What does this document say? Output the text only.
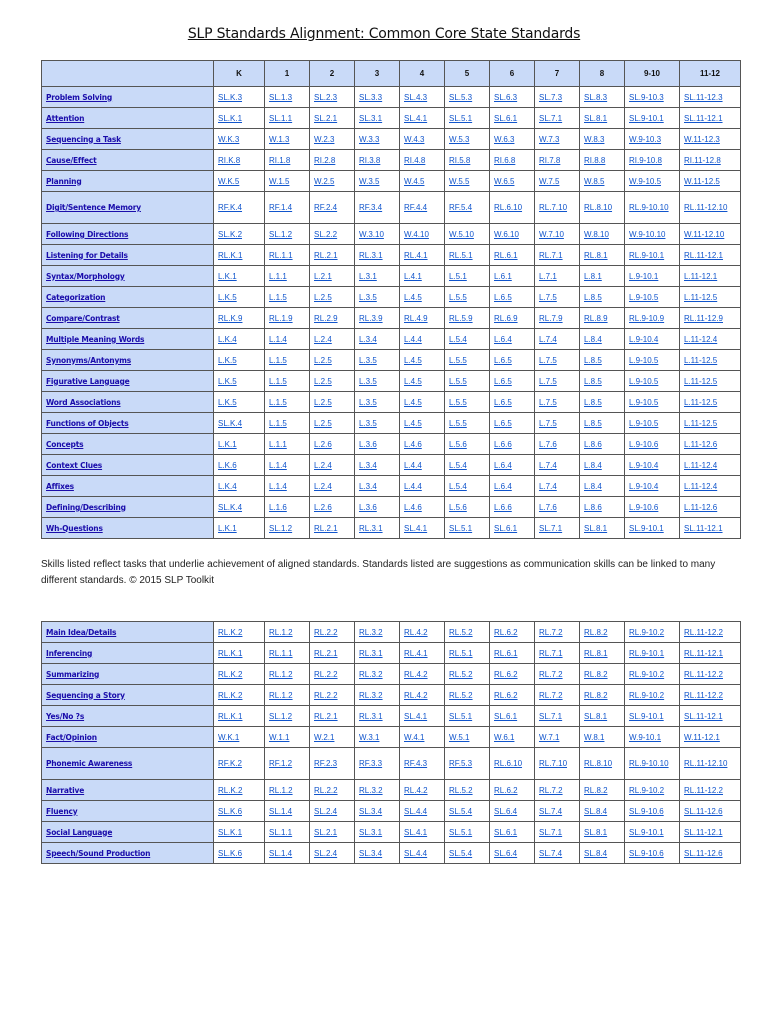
SLP Standards Alignment: Common Core State Standards
	K	1	2	3	4	5	6	7	8	9-10	11-12
Problem Solving	SL.K.3	SL.1.3	SL.2.3	SL.3.3	SL.4.3	SL.5.3	SL.6.3	SL.7.3	SL.8.3	SL.9-10.3	SL.11-12.3
Attention	SL.K.1	SL.1.1	SL.2.1	SL.3.1	SL.4.1	SL.5.1	SL.6.1	SL.7.1	SL.8.1	SL.9-10.1	SL.11-12.1
Sequencing a Task	W.K.3	W.1.3	W.2.3	W.3.3	W.4.3	W.5.3	W.6.3	W.7.3	W.8.3	W.9-10.3	W.11-12.3
Cause/Effect	RI.K.8	RI.1.8	RI.2.8	RI.3.8	RI.4.8	RI.5.8	RI.6.8	RI.7.8	RI.8.8	RI.9-10.8	RI.11-12.8
Planning	W.K.5	W.1.5	W.2.5	W.3.5	W.4.5	W.5.5	W.6.5	W.7.5	W.8.5	W.9-10.5	W.11-12.5
Digit/Sentence Memory	RF.K.4	RF.1.4	RF.2.4	RF.3.4	RF.4.4	RF.5.4	RL.6.10	RL.7.10	RL.8.10	RL.9-10.10	RL.11-12.10
Following Directions	SL.K.2	SL.1.2	SL.2.2	W.3.10	W.4.10	W.5.10	W.6.10	W.7.10	W.8.10	W.9-10.10	W.11-12.10
Listening for Details	RL.K.1	RL.1.1	RL.2.1	RL.3.1	RL.4.1	RL.5.1	RL.6.1	RL.7.1	RL.8.1	RL.9-10.1	RL.11-12.1
Syntax/Morphology	L.K.1	L.1.1	L.2.1	L.3.1	L.4.1	L.5.1	L.6.1	L.7.1	L.8.1	L.9-10.1	L.11-12.1
Categorization	L.K.5	L.1.5	L.2.5	L.3.5	L.4.5	L.5.5	L.6.5	L.7.5	L.8.5	L.9-10.5	L.11-12.5
Compare/Contrast	RL.K.9	RL.1.9	RL.2.9	RL.3.9	RL.4.9	RL.5.9	RL.6.9	RL.7.9	RL.8.9	RL.9-10.9	RL.11-12.9
Multiple Meaning Words	L.K.4	L.1.4	L.2.4	L.3.4	L.4.4	L.5.4	L.6.4	L.7.4	L.8.4	L.9-10.4	L.11-12.4
Synonyms/Antonyms	L.K.5	L.1.5	L.2.5	L.3.5	L.4.5	L.5.5	L.6.5	L.7.5	L.8.5	L.9-10.5	L.11-12.5
Figurative Language	L.K.5	L.1.5	L.2.5	L.3.5	L.4.5	L.5.5	L.6.5	L.7.5	L.8.5	L.9-10.5	L.11-12.5
Word Associations	L.K.5	L.1.5	L.2.5	L.3.5	L.4.5	L.5.5	L.6.5	L.7.5	L.8.5	L.9-10.5	L.11-12.5
Functions of Objects	SL.K.4	L.1.5	L.2.5	L.3.5	L.4.5	L.5.5	L.6.5	L.7.5	L.8.5	L.9-10.5	L.11-12.5
Concepts	L.K.1	L.1.1	L.2.6	L.3.6	L.4.6	L.5.6	L.6.6	L.7.6	L.8.6	L.9-10.6	L.11-12.6
Context Clues	L.K.6	L.1.4	L.2.4	L.3.4	L.4.4	L.5.4	L.6.4	L.7.4	L.8.4	L.9-10.4	L.11-12.4
Affixes	L.K.4	L.1.4	L.2.4	L.3.4	L.4.4	L.5.4	L.6.4	L.7.4	L.8.4	L.9-10.4	L.11-12.4
Defining/Describing	SL.K.4	L.1.6	L.2.6	L.3.6	L.4.6	L.5.6	L.6.6	L.7.6	L.8.6	L.9-10.6	L.11-12.6
Wh-Questions	L.K.1	SL.1.2	RL.2.1	RL.3.1	SL.4.1	SL.5.1	SL.6.1	SL.7.1	SL.8.1	SL.9-10.1	SL.11-12.1
Skills listed reflect tasks that underlie achievement of aligned standards. Standards listed are suggestions as communication skills can be linked to many different standards. © 2015 SLP Toolkit
Main Idea/Details	RL.K.2	RL.1.2	RL.2.2	RL.3.2	RL.4.2	RL.5.2	RL.6.2	RL.7.2	RL.8.2	RL.9-10.2	RL.11-12.2
Inferencing	RL.K.1	RL.1.1	RL.2.1	RL.3.1	RL.4.1	RL.5.1	RL.6.1	RL.7.1	RL.8.1	RL.9-10.1	RL.11-12.1
Summarizing	RL.K.2	RL.1.2	RL.2.2	RL.3.2	RL.4.2	RL.5.2	RL.6.2	RL.7.2	RL.8.2	RL.9-10.2	RL.11-12.2
Sequencing a Story	RL.K.2	RL.1.2	RL.2.2	RL.3.2	RL.4.2	RL.5.2	RL.6.2	RL.7.2	RL.8.2	RL.9-10.2	RL.11-12.2
Yes/No ?s	RL.K.1	SL.1.2	RL.2.1	RL.3.1	SL.4.1	SL.5.1	SL.6.1	SL.7.1	SL.8.1	SL.9-10.1	SL.11-12.1
Fact/Opinion	W.K.1	W.1.1	W.2.1	W.3.1	W.4.1	W.5.1	W.6.1	W.7.1	W.8.1	W.9-10.1	W.11-12.1
Phonemic Awareness	RF.K.2	RF.1.2	RF.2.3	RF.3.3	RF.4.3	RF.5.3	RL.6.10	RL.7.10	RL.8.10	RL.9-10.10	RL.11-12.10
Narrative	RL.K.2	RL.1.2	RL.2.2	RL.3.2	RL.4.2	RL.5.2	RL.6.2	RL.7.2	RL.8.2	RL.9-10.2	RL.11-12.2
Fluency	SL.K.6	SL.1.4	SL.2.4	SL.3.4	SL.4.4	SL.5.4	SL.6.4	SL.7.4	SL.8.4	SL.9-10.6	SL.11-12.6
Social Language	SL.K.1	SL.1.1	SL.2.1	SL.3.1	SL.4.1	SL.5.1	SL.6.1	SL.7.1	SL.8.1	SL.9-10.1	SL.11-12.1
Speech/Sound Production	SL.K.6	SL.1.4	SL.2.4	SL.3.4	SL.4.4	SL.5.4	SL.6.4	SL.7.4	SL.8.4	SL.9-10.6	SL.11-12.6
